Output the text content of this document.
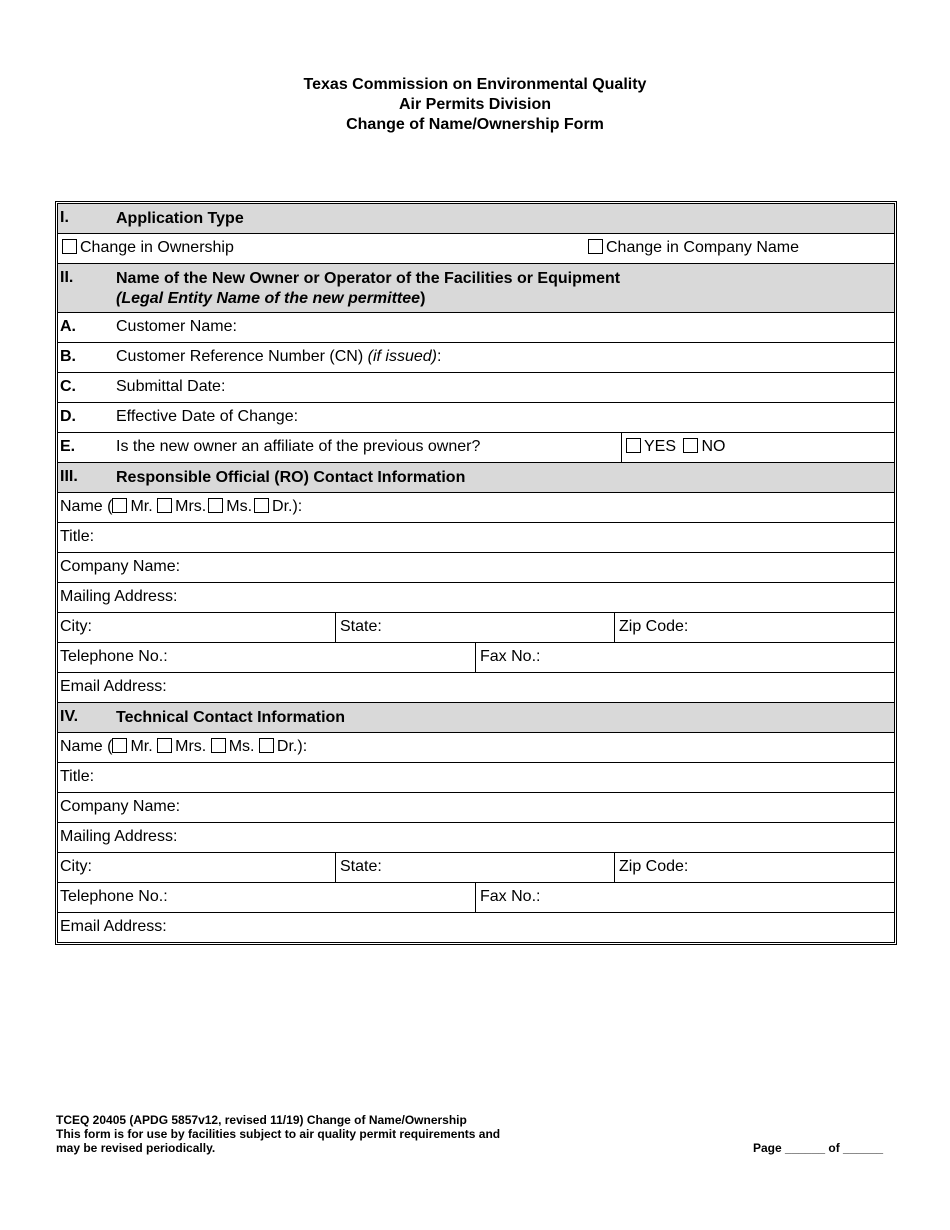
Texas Commission on Environmental Quality
Air Permits Division
Change of Name/Ownership Form
I.	Application Type
Change in Ownership	Change in Company Name
II.	Name of the New Owner or Operator of the Facilities or Equipment
(Legal Entity Name of the new permittee)
A.	Customer Name:
B.	Customer Reference Number (CN) (if issued):
C.	Submittal Date:
D.	Effective Date of Change:
E.	Is the new owner an affiliate of the previous owner?	YES NO
III. Responsible Official (RO) Contact Information
Name ( Mr. Mrs. Ms. Dr.):
Title:
Company Name:
Mailing Address:
City:	State:	Zip Code:
Telephone No.:	Fax No.:
Email Address:
IV. Technical Contact Information
Name ( Mr. Mrs. Ms. Dr.):
Title:
Company Name:
Mailing Address:
City:	State:	Zip Code:
Telephone No.:	Fax No.:
Email Address:
TCEQ 20405 (APDG 5857v12, revised 11/19) Change of Name/Ownership
This form is for use by facilities subject to air quality permit requirements and
may be revised periodically.	Page ______ of ______
